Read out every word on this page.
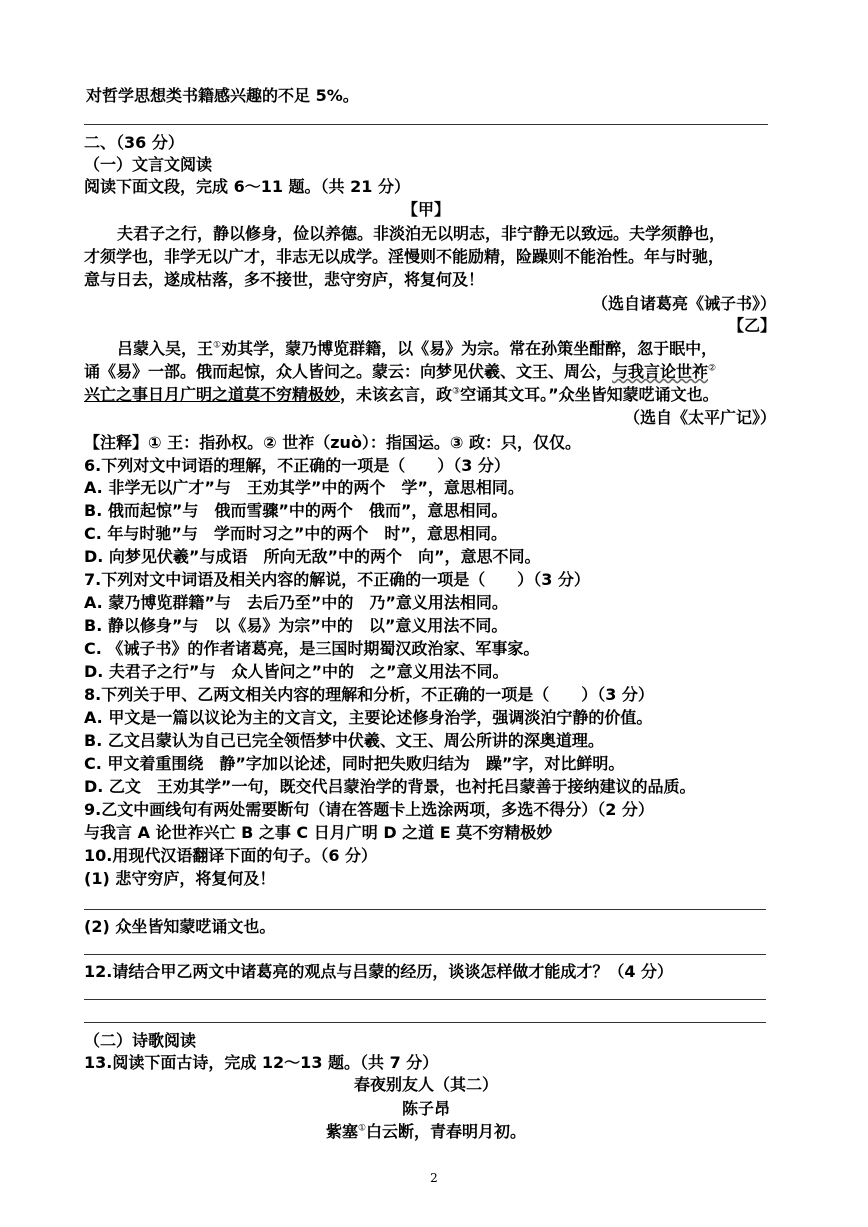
对哲学思想类书籍感兴趣的不足 5%。
二、（36 分）
（一）文言文阅读
阅读下面文段，完成 6～11 题。（共 21 分）
【甲】
夫君子之行，静以修身，俭以养德。非淡泊无以明志，非宁静无以致远。夫学须静也，
才须学也，非学无以广才，非志无以成学。淫慢则不能励精，险躁则不能治性。年与时驰，
意与日去，遂成枯落，多不接世，悲守穷庐，将复何及！
（选自诸葛亮《诫子书》）
【乙】
吕蒙入吴，王①劝其学，蒙乃博览群籍，以《易》为宗。常在孙策坐酣醉，忽于眠中，
诵《易》一部。俄而起惊，众人皆问之。蒙云：向梦见伏羲、文王、周公，与我言论世祚②
兴亡之事日月广明之道莫不穷精极妙，未该玄言，政③空诵其文耳。”众坐皆知蒙呓诵文也。
（选自《太平广记》）
【注释】① 王：指孙权。② 世祚（zuò）：指国运。③ 政：只，仅仅。
6.下列对文中词语的理解，不正确的一项是（　　）（3 分）
A. 非学无以广才”与　王劝其学”中的两个　学”，意思相同。
B. 俄而起惊”与　俄而雪骤”中的两个　俄而”，意思相同。
C. 年与时驰”与　学而时习之”中的两个　时”，意思相同。
D. 向梦见伏羲”与成语　所向无敌”中的两个　向”，意思不同。
7.下列对文中词语及相关内容的解说，不正确的一项是（　　）（3 分）
A. 蒙乃博览群籍”与　去后乃至”中的　乃”意义用法相同。
B. 静以修身”与　以《易》为宗”中的　以”意义用法不同。
C. 《诫子书》的作者诸葛亮，是三国时期蜀汉政治家、军事家。
D. 夫君子之行”与　众人皆问之”中的　之”意义用法不同。
8.下列关于甲、乙两文相关内容的理解和分析，不正确的一项是（　　）（3 分）
A. 甲文是一篇以议论为主的文言文，主要论述修身治学，强调淡泊宁静的价值。
B. 乙文吕蒙认为自己已完全领悟梦中伏羲、文王、周公所讲的深奥道理。
C. 甲文着重围绕　静”字加以论述，同时把失败归结为　躁”字，对比鲜明。
D. 乙文　王劝其学”一句，既交代吕蒙治学的背景，也衬托吕蒙善于接纳建议的品质。
9.乙文中画线句有两处需要断句（请在答题卡上选涂两项，多选不得分）（2 分）
与我言 A 论世祚兴亡 B 之事 C 日月广明 D 之道 E 莫不穷精极妙
10.用现代汉语翻译下面的句子。（6 分）
(1) 悲守穷庐，将复何及！
(2) 众坐皆知蒙呓诵文也。
12.请结合甲乙两文中诸葛亮的观点与吕蒙的经历，谈谈怎样做才能成才？（4 分）
（二）诗歌阅读
13.阅读下面古诗，完成 12～13 题。（共 7 分）
春夜别友人（其二）
陈子昂
紫塞①白云断，青春明月初。
2
